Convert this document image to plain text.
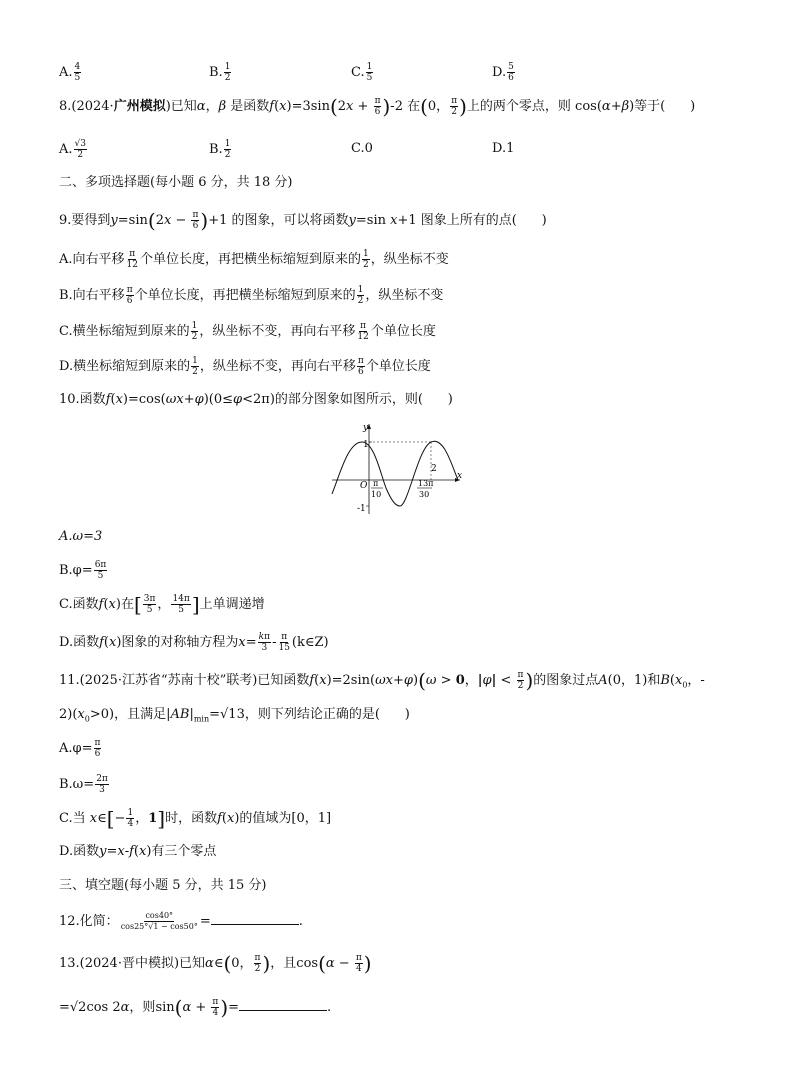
A. $\frac{4}{5}$	B. $\frac{1}{2}$	C. $\frac{1}{5}$	D. $\frac{5}{6}$
8.(2024·广州模拟)已知α，β 是函数$f(x)=3\sin(2x + \frac{\pi}{6} )-2$ 在(0， $\frac{\pi}{2}$ )上的两个零点，则 cos(α+β)等于( )
A. $\frac{√3}{2}$	B. $\frac{1}{2}$	C.0	D.1
二、多项选择题(每小题 6 分，共 18 分)
9.要得到$y=\sin(2x - \frac{\pi}{6} )+1$ 的图象，可以将函数y=sin x+1 图象上所有的点( )
A.向右平移 $\frac{\pi}{12}$ 个单位长度，再把横坐标缩短到原来的 $\frac{1}{2}$ ，纵坐标不变
B.向右平移 $\frac{\pi}{6}$ 个单位长度，再把横坐标缩短到原来的 $\frac{1}{2}$ ，纵坐标不变
C.横坐标缩短到原来的 $\frac{1}{2}$ ，纵坐标不变，再向右平移 $\frac{\pi}{12}$ 个单位长度
D.横坐标缩短到原来的 $\frac{1}{2}$ ，纵坐标不变，再向右平移 $\frac{\pi}{6}$ 个单位长度
10.函数f(x)=cos(ωx+φ)(0≤φ<2π)的部分图象如图所示，则( )
y
x
1
-1
O π
10
13π
30
2
A.ω=3
$B.\varphi= \frac{6\pi}{5}$
C.函数f(x)在[ $\frac{3\pi}{5}$ ， $\frac{14\pi}{5}$ ]上单调递增
D.函数f(x)图象的对称轴方程为$x= \frac{k\pi}{3} - \frac{\pi}{15}$ (k∈Z)
11.(2025·江苏省“苏南十校”联考)已知函数f(x)=2sin(ωx+φ)(ω > 0，$|\varphi| < \frac{\pi}{2}$ )的图象过点A(0，1)和$B(x_0$，-
$2)(x_0>0)$，且满足$|AB|_{min}=√13$，则下列结论正确的是( )
$A.\varphi= \frac{\pi}{6}$
$B.\omega= \frac{2\pi}{3}$
C.当 x∈[− $\frac{1}{4}$ ，1]时，函数f(x)的值域为[0，1]
D.函数y=x-f(x)有三个零点
三、填空题(每小题 5 分，共 15 分)
12.化简： $\frac{\cos 40^\circ}{\cos 25^\circ√1 - \cos 50^\circ}$ =	.
13.(2024·晋中模拟)已知α∈(0， $\frac{\pi}{2}$ )，且$\cos(\alpha - \frac{\pi}{4}$ )
=√2cos 2α，则$\sin(\alpha + \frac{\pi}{4}$ )=	.
